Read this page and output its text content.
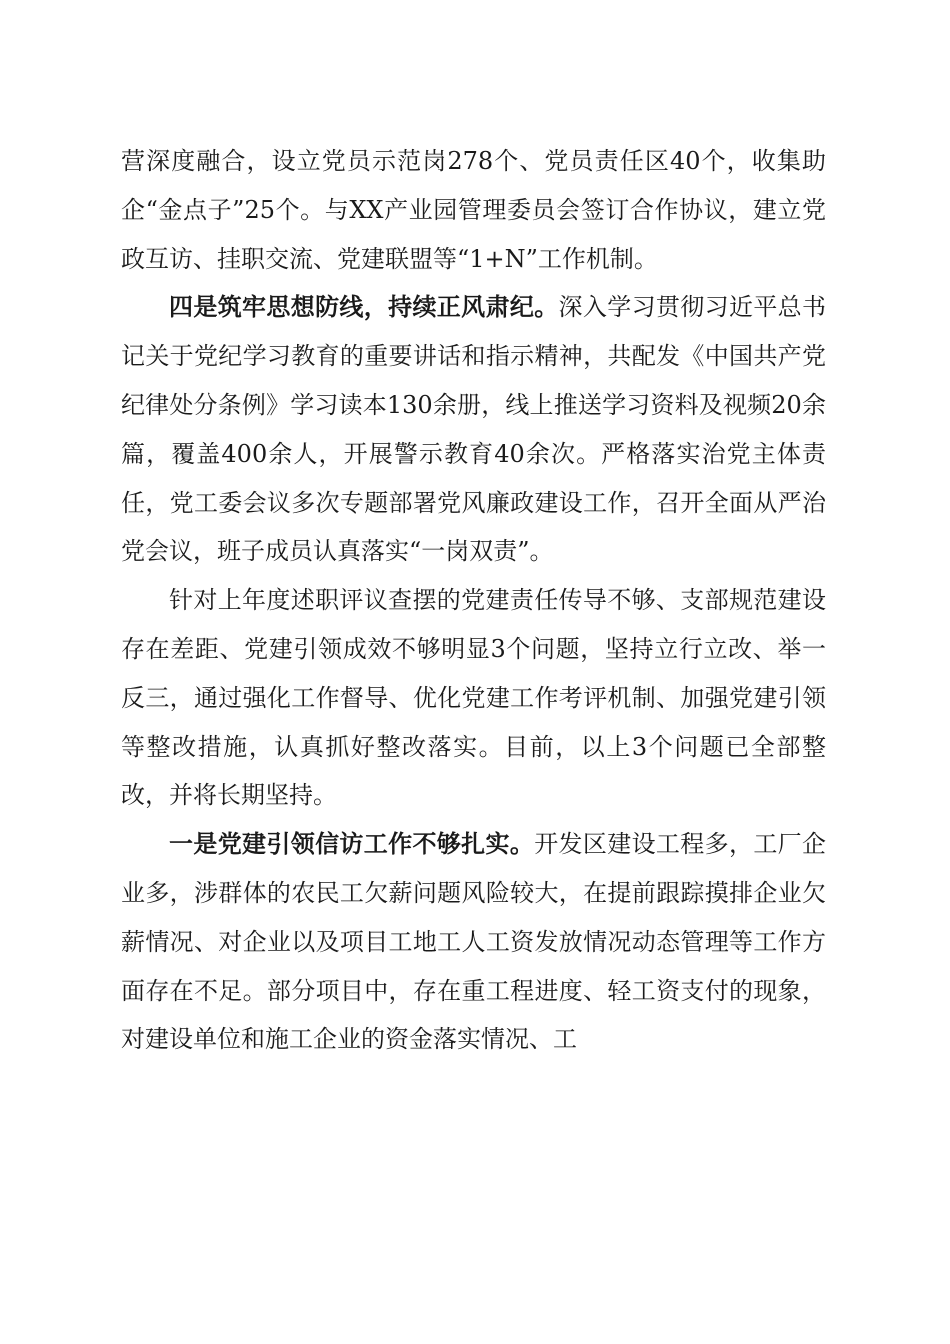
营深度融合，设立党员示范岗278个、党员责任区40个，收集助企“金点子”25个。与XX产业园管理委员会签订合作协议，建立党政互访、挂职交流、党建联盟等“1+N”工作机制。

四是筑牢思想防线，持续正风肃纪。深入学习贯彻习近平总书记关于党纪学习教育的重要讲话和指示精神，共配发《中国共产党纪律处分条例》学习读本130余册，线上推送学习资料及视频20余篇，覆盖400余人，开展警示教育40余次。严格落实治党主体责任，党工委会议多次专题部署党风廉政建设工作，召开全面从严治党会议，班子成员认真落实“一岗双责”。

针对上年度述职评议查摆的党建责任传导不够、支部规范建设存在差距、党建引领成效不够明显3个问题，坚持立行立改、举一反三，通过强化工作督导、优化党建工作考评机制、加强党建引领等整改措施，认真抓好整改落实。目前，以上3个问题已全部整改，并将长期坚持。

一是党建引领信访工作不够扎实。开发区建设工程多，工厂企业多，涉群体的农民工欠薪问题风险较大，在提前跟踪摸排企业欠薪情况、对企业以及项目工地工人工资发放情况动态管理等工作方面存在不足。部分项目中，存在重工程进度、轻工资支付的现象，对建设单位和施工企业的资金落实情况、工
